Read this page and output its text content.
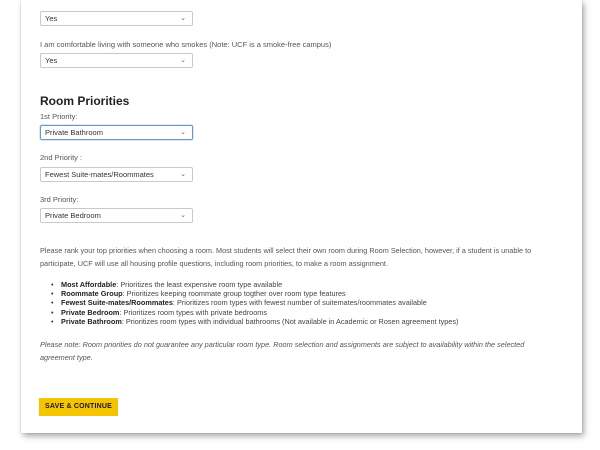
Yes	⌄
I am comfortable living with someone who smokes (Note: UCF is a smoke-free campus)
Yes	⌄
Room Priorities
1st Priority:
Private Bathroom	⌄
2nd Priority :
Fewest Suite-mates/Roommates	⌄
3rd Priority:
Private Bedroom	⌄

Please rank your top priorities when choosing a room. Most students will select their own room during Room Selection, however, if a student is unable to participate, UCF will use all housing profile questions, including room priorities, to make a room assignment.

• Most Affordable: Prioritizes the least expensive room type available
• Roommate Group: Prioritizes keeping roommate group togther over room type features
• Fewest Suite-mates/Roommates: Prioritizes room types with fewest number of suitemates/roommates available
• Private Bedroom: Prioritizes room types with private bedrooms
• Private Bathroom: Prioritizes room types with individual bathrooms (Not available in Academic or Rosen agreement types)

Please note: Room priorities do not guarantee any particular room type. Room selection and assignments are subject to availability within the selected agreement type.

SAVE & CONTINUE
